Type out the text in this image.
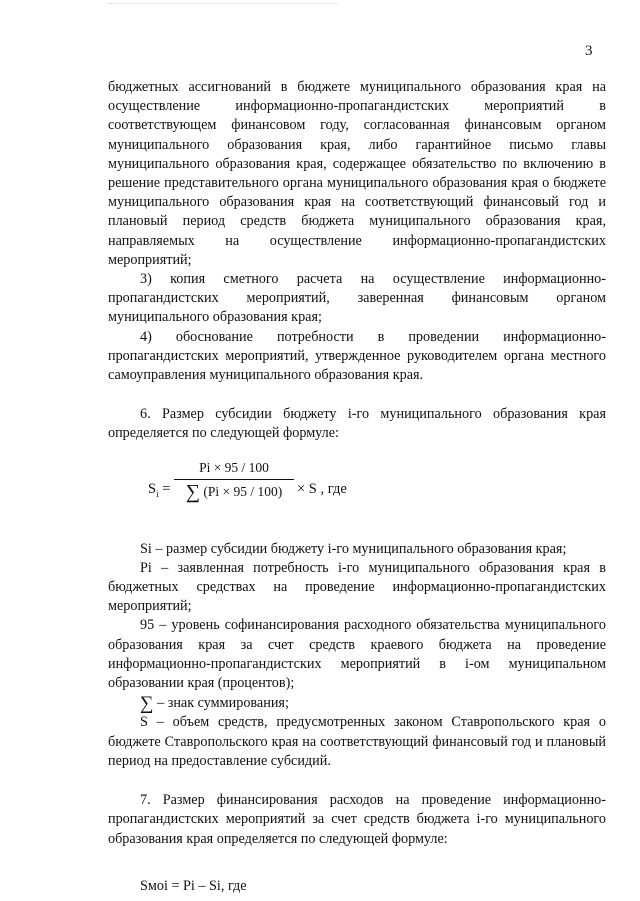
3

бюджетных ассигнований в бюджете муниципального образования края на осуществление информационно-пропагандистских мероприятий в соответствующем финансовом году, согласованная финансовым органом муниципального образования края, либо гарантийное письмо главы муниципального образования края, содержащее обязательство по включению в решение представительного органа муниципального образования края о бюджете муниципального образования края на соответствующий финансовый год и плановый период средств бюджета муниципального образования края, направляемых на осуществление информационно-пропагандистских мероприятий;

3) копия сметного расчета на осуществление информационно-пропагандистских мероприятий, заверенная финансовым органом муниципального образования края;

4) обоснование потребности в проведении информационно-пропагандистских мероприятий, утвержденное руководителем органа местного самоуправления муниципального образования края.

6. Размер субсидии бюджету i-го муниципального образования края определяется по следующей формуле:

$S_i = \frac{Pi \times 95 / 100}{\sum (Pi \times 95 / 100)} \times S$ , где

Si – размер субсидии бюджету i-го муниципального образования края;

Pi – заявленная потребность i-го муниципального образования края в бюджетных средствах на проведение информационно-пропагандистских мероприятий;

95 – уровень софинансирования расходного обязательства муниципального образования края за счет средств краевого бюджета на проведение информационно-пропагандистских мероприятий в i-ом муниципальном образовании края (процентов);

∑ – знак суммирования;

S – объем средств, предусмотренных законом Ставропольского края о бюджете Ставропольского края на соответствующий финансовый год и плановый период на предоставление субсидий.

7. Размер финансирования расходов на проведение информационно-пропагандистских мероприятий за счет средств бюджета i-го муниципального образования края определяется по следующей формуле:

Sмоi = Pi – Si, где
